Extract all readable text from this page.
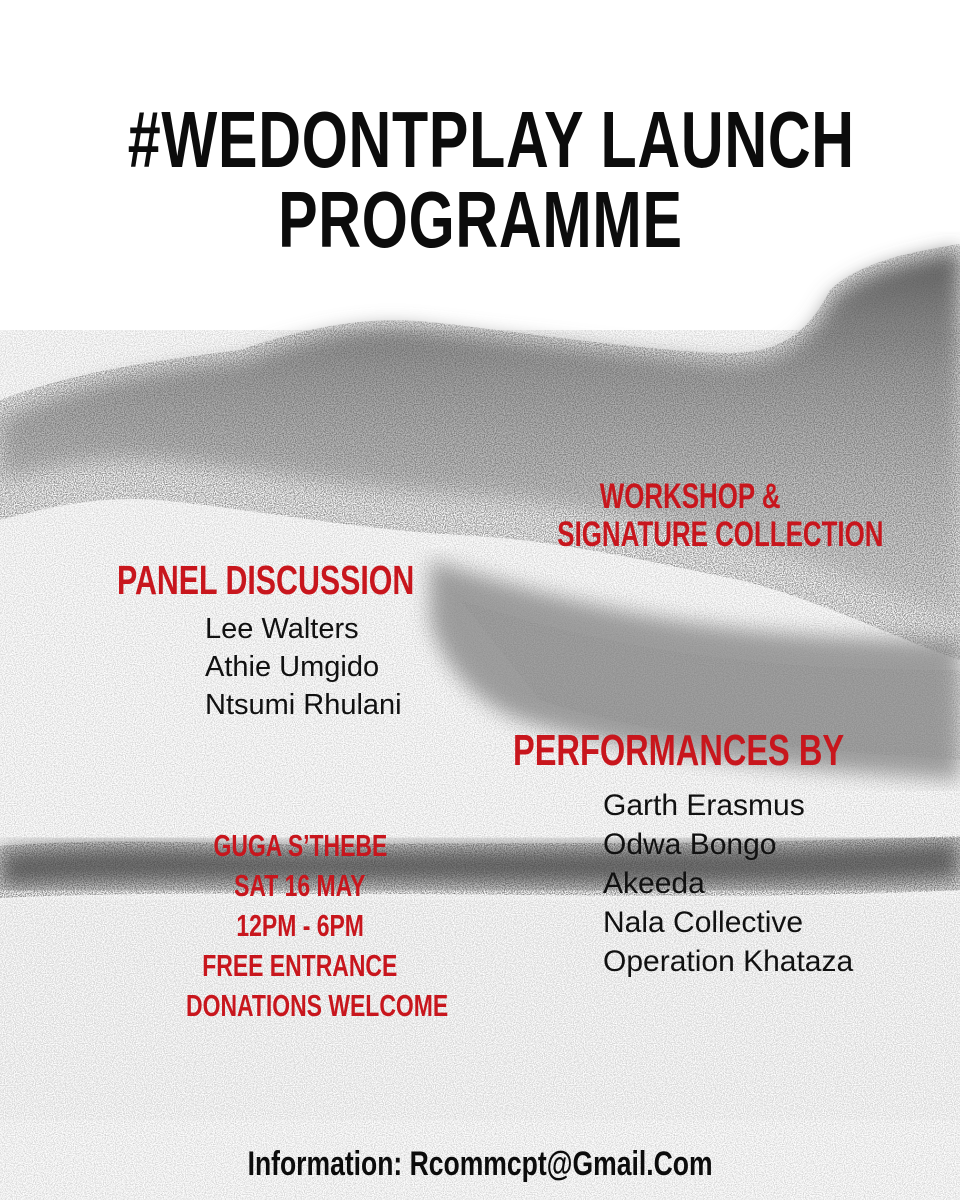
#WEDONTPLAY LAUNCH
PROGRAMME
WORKSHOP &
SIGNATURE COLLECTION
PANEL DISCUSSION
Lee Walters
Athie Umgido
Ntsumi Rhulani
PERFORMANCES BY
Garth Erasmus
Odwa Bongo
Akeeda
Nala Collective
Operation Khataza
GUGA S’THEBE
SAT 16 MAY
12PM - 6PM
FREE ENTRANCE
DONATIONS WELCOME
Information: Rcommcpt@Gmail.Com
